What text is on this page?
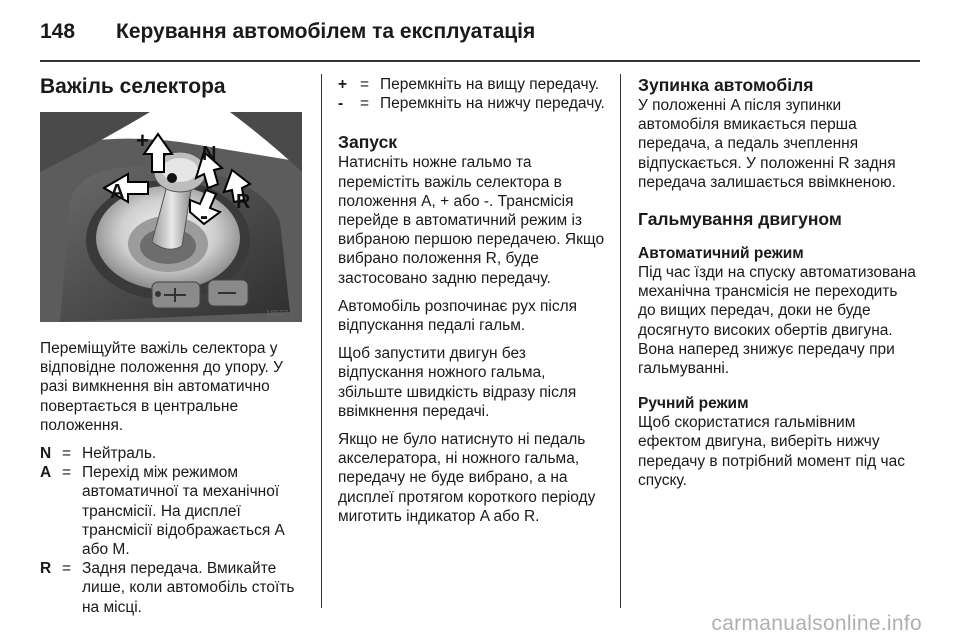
148 Керування автомобілем та експлуатація
Важіль селектора
+
A
N
R
-
18627 T

Переміщуйте важіль селектора у відповідне положення до упору. У разі вимкнення він автоматично повертається в центральне положення.

N = Нейтраль.
A = Перехід між режимом автоматичної та механічної трансмісії. На дисплеї трансмісії відображається A або M.
R = Задня передача. Вмикайте лише, коли автомобіль стоїть на місці.
+ = Перемкніть на вищу передачу.
-	= Перемкніть на нижчу передачу.
Запуск

Натисніть ножне гальмо та перемістіть важіль селектора в положення A, + або -. Трансмісія перейде в автоматичний режим із вибраною першою передачею. Якщо вибрано положення R, буде застосовано задню передачу.

Автомобіль розпочинає рух після відпускання педалі гальм.

Щоб запустити двигун без відпускання ножного гальма, збільште швидкість відразу після ввімкнення передачі.

Якщо не було натиснуто ні педаль акселератора, ні ножного гальма, передачу не буде вибрано, а на дисплеї протягом короткого періоду миготить індикатор A або R.

Зупинка автомобіля

У положенні A після зупинки автомобіля вмикається перша передача, а педаль зчеплення відпускається. У положенні R задня передача залишається ввімкненою.

Гальмування двигуном
Автоматичний режим

Під час їзди на спуску автоматизована механічна трансмісія не переходить до вищих передач, доки не буде досягнуто високих обертів двигуна. Вона наперед знижує передачу при гальмуванні.

Ручний режим

Щоб скористатися гальмівним ефектом двигуна, виберіть нижчу передачу в потрібний момент під час спуску.

carmanualsonline.info
